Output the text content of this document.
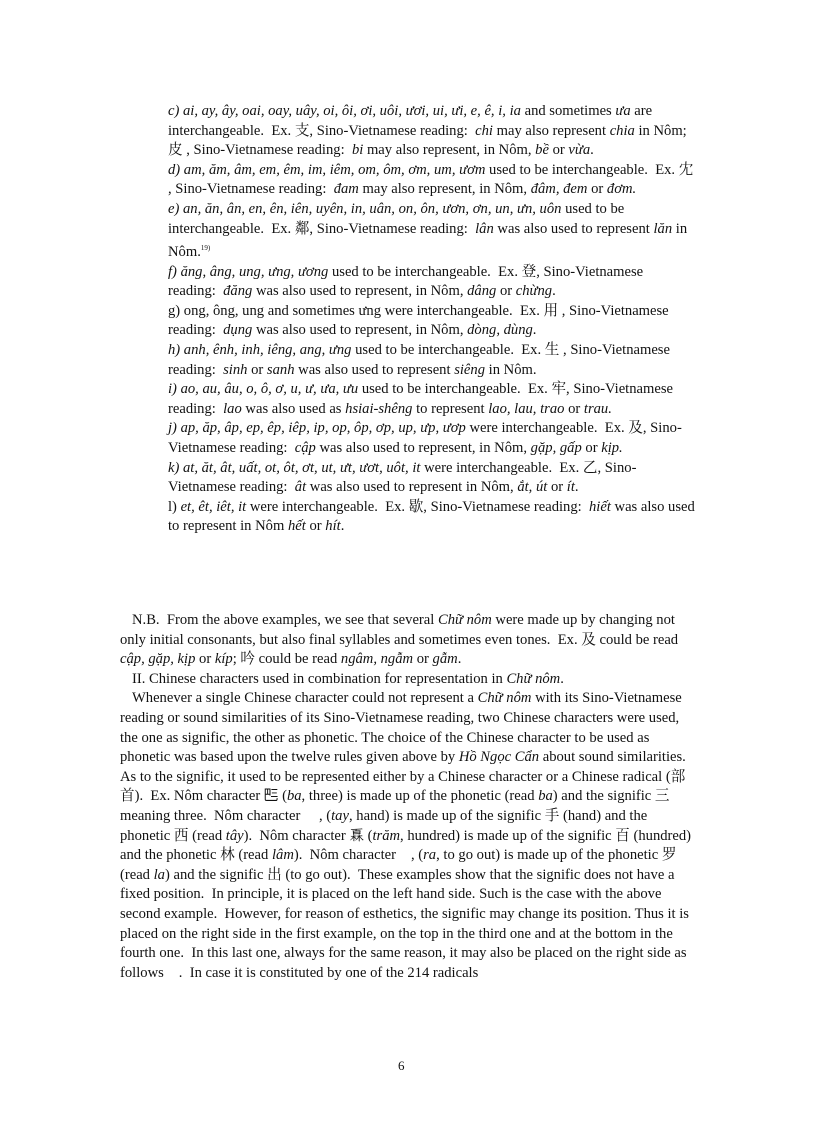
c) ai, ay, ây, oai, oay, uây, oi, ôi, ơi, uôi, ươi, ui, ưi, e, ê, i, ia and sometimes ưa are interchangeable.  Ex. 支, Sino-Vietnamese reading:  chi may also represent chia in Nôm;  皮 , Sino-Vietnamese reading:  bi may also represent, in Nôm, bề or vừa.

d) am, ăm, âm, em, êm, im, iêm, om, ôm, ơm, um, ươm used to be interchangeable.  Ex. 冘 , Sino-Vietnamese reading:  đam may also represent, in Nôm, đâm, đem or đơm.

e) an, ăn, ân, en, ên, iên, uyên, in, uân, on, ôn, ươn, ơn, un, ưn, uôn used to be interchangeable.  Ex. 鄰, Sino-Vietnamese reading:  lân was also used to represent lăn in Nôm.$^{19)}$

f) ăng, âng, ung, ưng, ương used to be interchangeable.  Ex. 登, Sino-Vietnamese reading:  đăng was also used to represent, in Nôm, dâng or chừng.

g) ong, ông, ung and sometimes ưng were interchangeable.  Ex. 用 , Sino-Vietnamese reading:  dụng was also used to represent, in Nôm, dòng, dùng.

h) anh, ênh, inh, iêng, ang, ưng used to be interchangeable.  Ex. 生 , Sino-Vietnamese reading:  sinh or sanh was also used to represent siêng in Nôm.

i) ao, au, âu, o, ô, ơ, u, ư, ưa, ưu used to be interchangeable.  Ex. 牢, Sino-Vietnamese reading:  lao was also used as hsiai-shêng to represent lao, lau, trao or trau.

j) ap, ăp, âp, ep, êp, iêp, ip, op, ôp, ơp, up, ưp, ươp were interchangeable.  Ex. 及, Sino-Vietnamese reading:  cập was also used to represent, in Nôm, gặp, gấp or kịp.

k) at, ăt, ât, uất, ot, ôt, ơt, ut, ưt, ươt, uôt, it were interchangeable.  Ex. 乙, Sino-Vietnamese reading:  ât was also used to represent in Nôm, ắt, út or ít.

l) et, êt, iêt, it were interchangeable.  Ex. 歇, Sino-Vietnamese reading:  hiết was also used to represent in Nôm hết or hít.

N.B.  From the above examples, we see that several Chữ nôm were made up by changing not only initial consonants, but also final syllables and sometimes even tones.  Ex. 及 could be read cập, gặp, kịp or kíp; 吟 could be read ngâm, ngẫm or gẫm.

II. Chinese characters used in combination for representation in Chữ nôm.

Whenever a single Chinese character could not represent a Chữ nôm with its Sino-Vietnamese reading or sound similarities of its Sino-Vietnamese reading, two Chinese characters were used, the one as signific, the other as phonetic. The choice of the Chinese character to be used as phonetic was based upon the twelve rules given above by Hồ Ngọc Cẩn about sound similarities.  As to the signific, it used to be represented either by a Chinese character or a Chinese radical (部首).  Ex. Nôm character 𠀧 (ba, three) is made up of the phonetic (read ba) and the signific 三 meaning three.  Nôm character 𢬣 , (tay, hand) is made up of the signific 手 (hand) and the phonetic 西 (read tây).  Nôm character 𤾓 (trăm, hundred) is made up of the signific 百 (hundred) and the phonetic 林 (read lâm).  Nôm character 𦋦, (ra, to go out) is made up of the phonetic 罗 (read la) and the signific 出 (to go out).  These examples show that the signific does not have a fixed position.  In principle, it is placed on the left hand side. Such is the case with the above second example.  However, for reason of esthetics, the signific may change its position. Thus it is placed on the right side in the first example, on the top in the third one and at the bottom in the fourth one.  In this last one, always for the same reason, it may also be placed on the right side as follows 𦋦.  In case it is constituted by one of the 214 radicals

6
